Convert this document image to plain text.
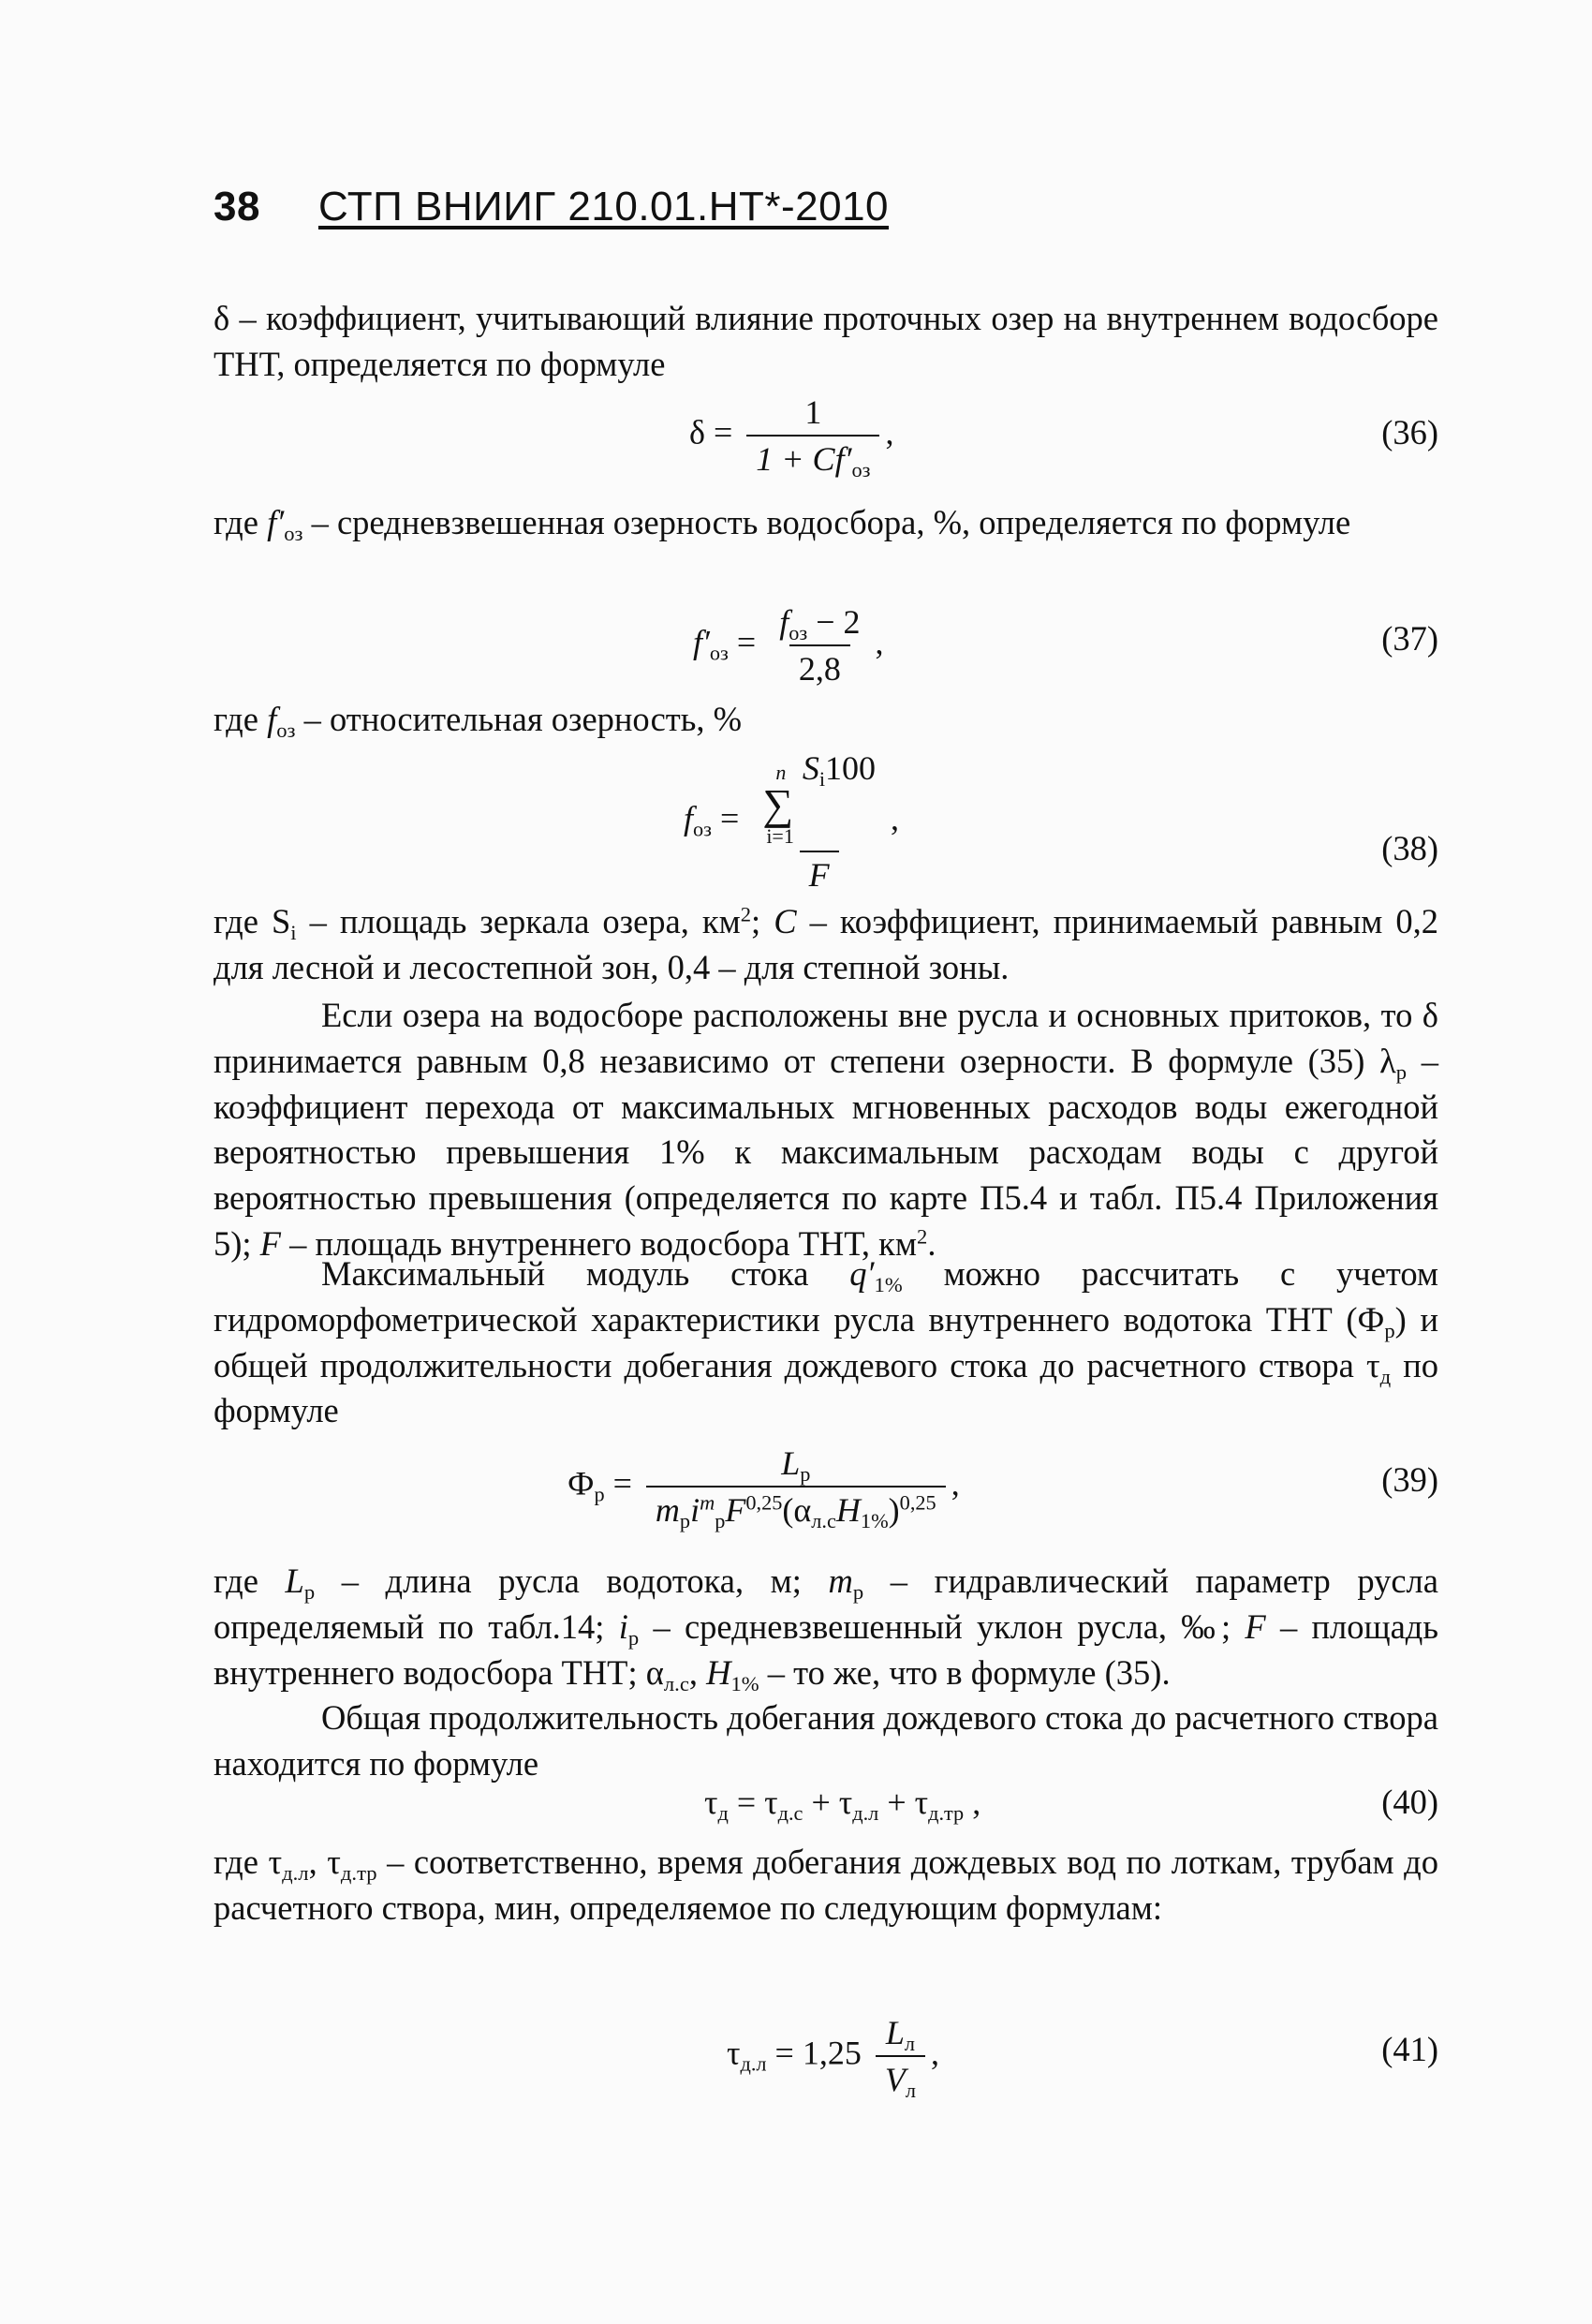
38 СТП ВНИИГ 210.01.НТ*-2010

δ – коэффициент, учитывающий влияние проточных озер на внутреннем водосборе ТНТ, определяется по формуле

$\delta = \frac{1}{1 + Cf'_{оз}}$ ,	(36)

где $f'_{оз}$ – средневзвешенная озерность водосбора, %, определяется по формуле

$f'_{оз} = \frac{f_{оз} - 2}{2,8}$ ,	(37)

где $f_{оз}$ – относительная озерность, %

$f_{оз} = n$
∑
i=1
$S_i100$
F ,
(38)

где $S_i$ – площадь зеркала озера, $км^2$; C – коэффициент, принимаемый равным 0,2 для лесной и лесостепной зон, 0,4 – для степной зоны.

Если озера на водосборе расположены вне русла и основных притоков, то δ принимается равным 0,8 независимо от степени озерности. В формуле (35) $\lambda_р$ – коэффициент перехода от максимальных мгновенных расходов воды ежегодной вероятностью превышения 1% к максимальным расходам воды с другой вероятностью превышения (определяется по карте П5.4 и табл. П5.4 Приложения 5); F – площадь внутреннего водосбора ТНТ, $км^2$.

Максимальный модуль стока $q'_{1\%}$ можно рассчитать с учетом гидроморфометрической характеристики русла внутреннего водотока ТНТ $(Ф_р)$ и общей продолжительности добегания дождевого стока до расчетного створа $\tau_д$ по формуле

$Ф_р = \frac{L_р}{m_рi^m_рF^{0,25}(\alpha_{л.с}H_{1\%})^{0,25}}$ ,	(39)

где $L_р$ – длина русла водотока, м; $m_р$ – гидравлический параметр русла определяемый по табл.14; $i_р$ – средневзвешенный уклон русла, ‰; F – площадь внутреннего водосбора ТНТ; $\alpha_{л.с}$, $H_{1\%}$ – то же, что в формуле (35).

Общая продолжительность добегания дождевого стока до расчетного створа находится по формуле

$\tau_д = \tau_{д.с} + \tau_{д.л} + \tau_{д.тр}$ ,	(40)

где $\tau_{д.л}$, $\tau_{д.тр}$ – соответственно, время добегания дождевых вод по лоткам, трубам до расчетного створа, мин, определяемое по следующим формулам:

$\tau_{д.л} = 1,25 \frac{L_л}{V_л}$ ,	(41)
